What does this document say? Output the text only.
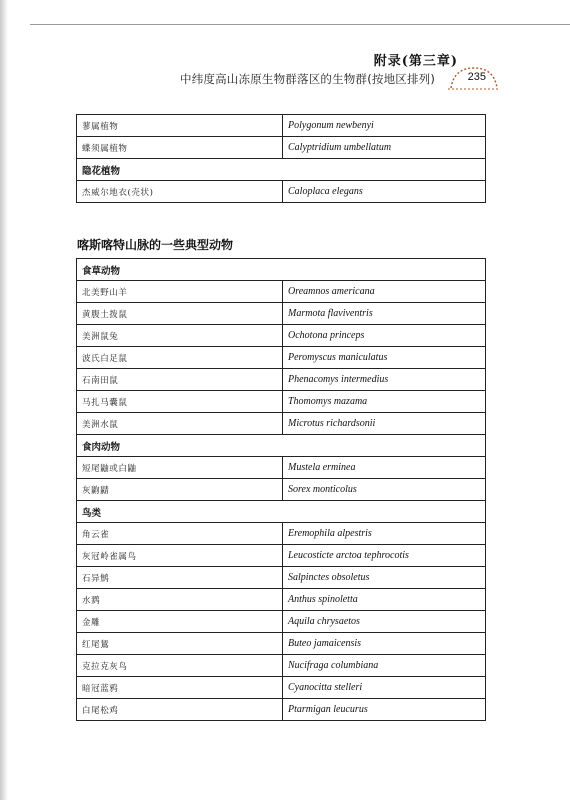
附录(第三章)
中纬度高山冻原生物群落区的生物群(按地区排列)	235
蓼属植物	Polygonum newbenyi
蝶须属植物	Calyptridium umbellatum
隐花植物	
杰威尔地衣(壳状)	Caloplaca elegans
喀斯喀特山脉的一些典型动物
食草动物	
北美野山羊	Oreamnos americana
黄腹土拨鼠	Marmota flaviventris
美洲鼠兔	Ochotona princeps
波氏白足鼠	Peromyscus maniculatus
石南田鼠	Phenacomys intermedius
马扎马囊鼠	Thomomys mazama
美洲水鼠	Microtus richardsonii
食肉动物	
短尾鼬或白鼬	Mustela erminea
灰鼩鼱	Sorex monticolus
鸟类	
角云雀	Eremophila alpestris
灰冠岭雀属鸟	Leucosticte arctoa tephrocotis
石异鹪	Salpinctes obsoletus
水鹨	Anthus spinoletta
金雕	Aquila chrysaetos
红尾鵟	Buteo jamaicensis
克拉克灰鸟	Nucifraga columbiana
暗冠蓝鸦	Cyanocitta stelleri
白尾松鸡	Ptarmigan leucurus
